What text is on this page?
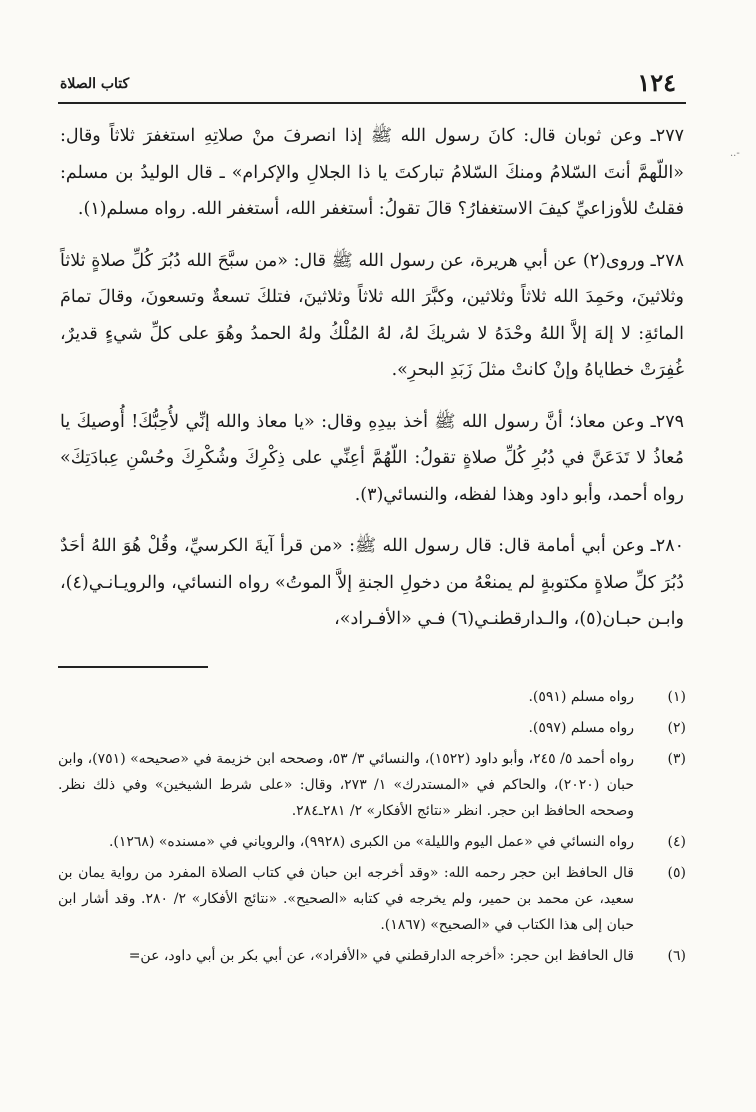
..-
١٢٤
كتاب الصلاة

٢٧٧ـ وعن ثوبان قال: كانَ رسول الله ﷺ إذا انصرفَ منْ صلاتِهِ استغفرَ ثلاثاً وقال: «اللّهمَّ أنتَ السّلامُ ومنكَ السّلامُ تباركتَ يا ذا الجلالِ والإكرام» ـ قال الوليدُ بن مسلم: فقلتُ للأوزاعيِّ كيفَ الاستغفارُ؟ قالَ تقولُ: أستغفر الله، أستغفر الله. رواه مسلم(١).

٢٧٨ـ وروى(٢) عن أبي هريرة، عن رسول الله ﷺ قال: «من سبَّحَ الله دُبُرَ كُلِّ صلاةٍ ثلاثاً وثلاثينَ، وحَمِدَ الله ثلاثاً وثلاثين، وكبَّرَ الله ثلاثاً وثلاثينَ، فتلكَ تسعةٌ وتسعونَ، وقالَ تمامَ المائةِ: لا إلهَ إلاَّ اللهُ وحْدَهُ لا شريكَ لهُ، لهُ المُلْكُ ولهُ الحمدُ وهُوَ على كلِّ شيءٍ قديرٌ، غُفِرَتْ خطاياهُ وإنْ كانتْ مثلَ زَبَدِ البحرِ».

٢٧٩ـ وعن معاذ؛ أنَّ رسول الله ﷺ أخذ بيدِهِ وقال: «يا معاذ والله إنِّي لأُحِبُّكَ! أُوصيكَ يا مُعاذُ لا تَدَعَنَّ في دُبُرِ كُلِّ صلاةٍ تقولُ: اللّهُمَّ أعِنِّي على ذِكْرِكَ وشُكْرِكَ وحُسْنِ عِبادَتِكَ» رواه أحمد، وأبو داود وهذا لفظه، والنسائي(٣).

٢٨٠ـ وعن أبي أمامة قال: قال رسول الله ﷺ: «من قرأ آيةَ الكرسيِّ، وقُلْ هُوَ اللهُ أحَدٌ دُبُرَ كلِّ صلاةٍ مكتوبةٍ لم يمنعْهُ من دخولِ الجنةِ إلاَّ الموتُ» رواه النسائي، والرويـانـي(٤)، وابـن حبـان(٥)، والـدارقطنـي(٦) فـي «الأفـراد»،

(١)
رواه مسلم (٥٩١).
(٢)
رواه مسلم (٥٩٧).
(٣)
رواه أحمد ٥/ ٢٤٥، وأبو داود (١٥٢٢)، والنسائي ٣/ ٥٣، وصححه ابن خزيمة في «صحيحه» (٧٥١)، وابن حبان (٢٠٢٠)، والحاكم في «المستدرك» ١/ ٢٧٣، وقال: «على شرط الشيخين» وفي ذلك نظر. وصححه الحافظ ابن حجر. انظر «نتائج الأفكار» ٢/ ٢٨١ـ٢٨٤.
(٤)
رواه النسائي في «عمل اليوم والليلة» من الكبرى (٩٩٢٨)، والروياني في «مسنده» (١٢٦٨).
(٥)
قال الحافظ ابن حجر رحمه الله: «وقد أخرجه ابن حبان في كتاب الصلاة المفرد من رواية يمان بن سعيد، عن محمد بن حمير، ولم يخرجه في كتابه «الصحيح». «نتائج الأفكار» ٢/ ٢٨٠. وقد أشار ابن حبان إلى هذا الكتاب في «الصحيح» (١٨٦٧).
(٦)
قال الحافظ ابن حجر: «أخرجه الدارقطني في «الأفراد»، عن أبي بكر بن أبي داود، عن=
